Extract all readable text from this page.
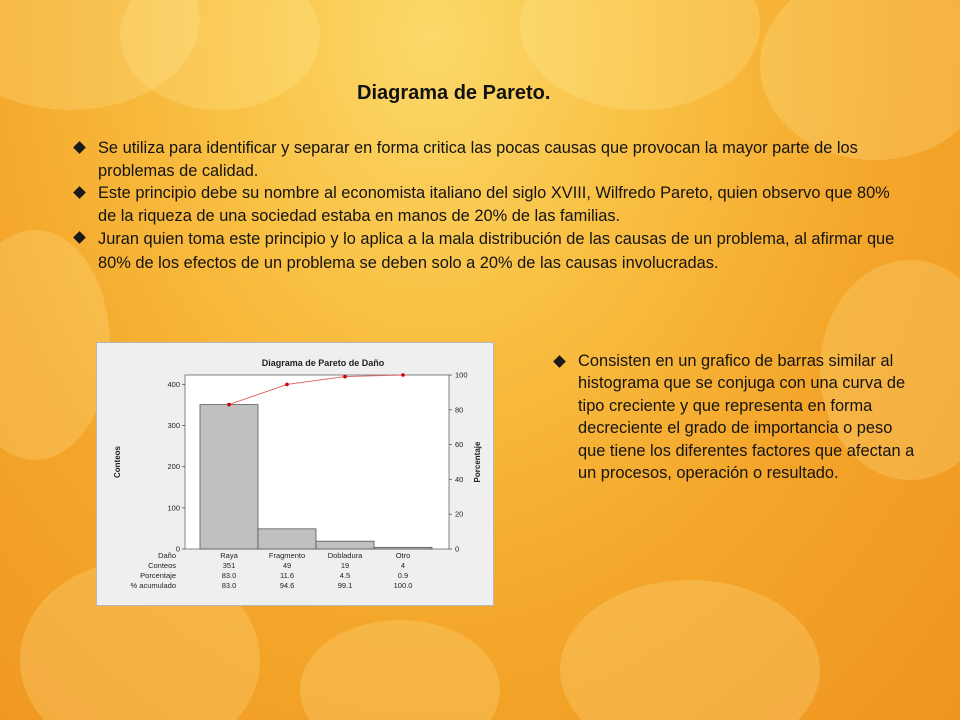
Diagrama de Pareto.
Se utiliza para identificar y separar en forma critica las pocas causas que provocan la mayor parte de los problemas de calidad.
Este principio debe su nombre al economista italiano del siglo XVIII, Wilfredo Pareto, quien observo que 80% de la riqueza de una sociedad estaba en manos de 20% de las familias.
Juran quien toma este principio y lo aplica a la mala distribución de las causas de un problema, al afirmar que 80% de los efectos de un problema se deben solo a 20% de las causas involucradas.
Diagrama de Pareto de Daño
0
100
200
300
400
0
20
40
60
80
100
Conteos	Porcentaje
Daño	Raya	Fragmento	Dobladura	Otro
Conteos	351	49	19	4
Porcentaje	83.0	11.6	4.5	0.9
% acumulado	83.0	94.6	99.1	100.0
Consisten en un grafico de barras similar al histograma que se conjuga con una curva de tipo creciente y que representa en forma decreciente el grado de importancia o peso que tiene los diferentes factores que afectan a un procesos, operación o resultado.
